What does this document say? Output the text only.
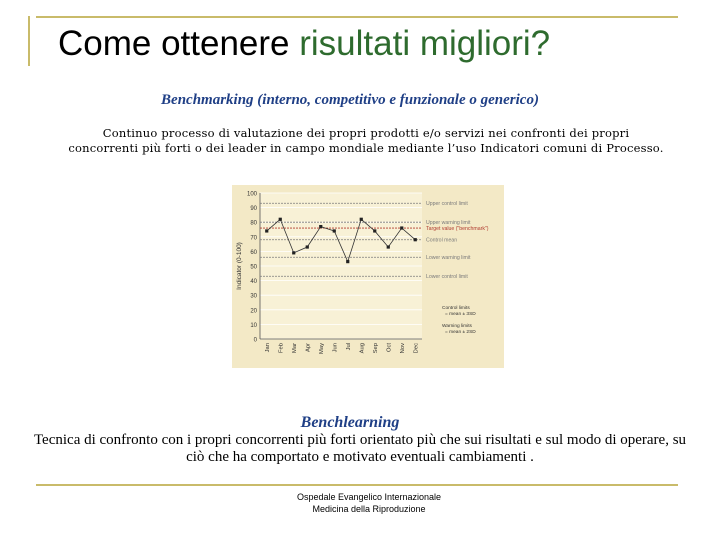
Come ottenere risultati migliori?
Benchmarking (interno, competitivo e funzionale o generico)
Continuo processo di valutazione dei propri prodotti e/o servizi nei confronti dei propri concorrenti più forti o dei leader in campo mondiale mediante l’uso Indicatori comuni di Processo.
0
10
20
30
40
50
60
70
80
90
100
Indicator (0-100)
Upper control limit
Upper warning limit
Target value ("benchmark")
Control mean
Lower warning limit
Lower control limit
Jan Feb Mar Apr May Jun Jul Aug Sep Oct Nov Dec
Control limits
= mean ± 3SD
Warning limits
= mean ± 2SD
Benchlearning
Tecnica di confronto con i propri concorrenti più forti orientato più che sui risultati e sul modo di operare, su ciò che ha comportato e motivato eventuali cambiamenti .
Ospedale Evangelico Internazionale
Medicina della Riproduzione
